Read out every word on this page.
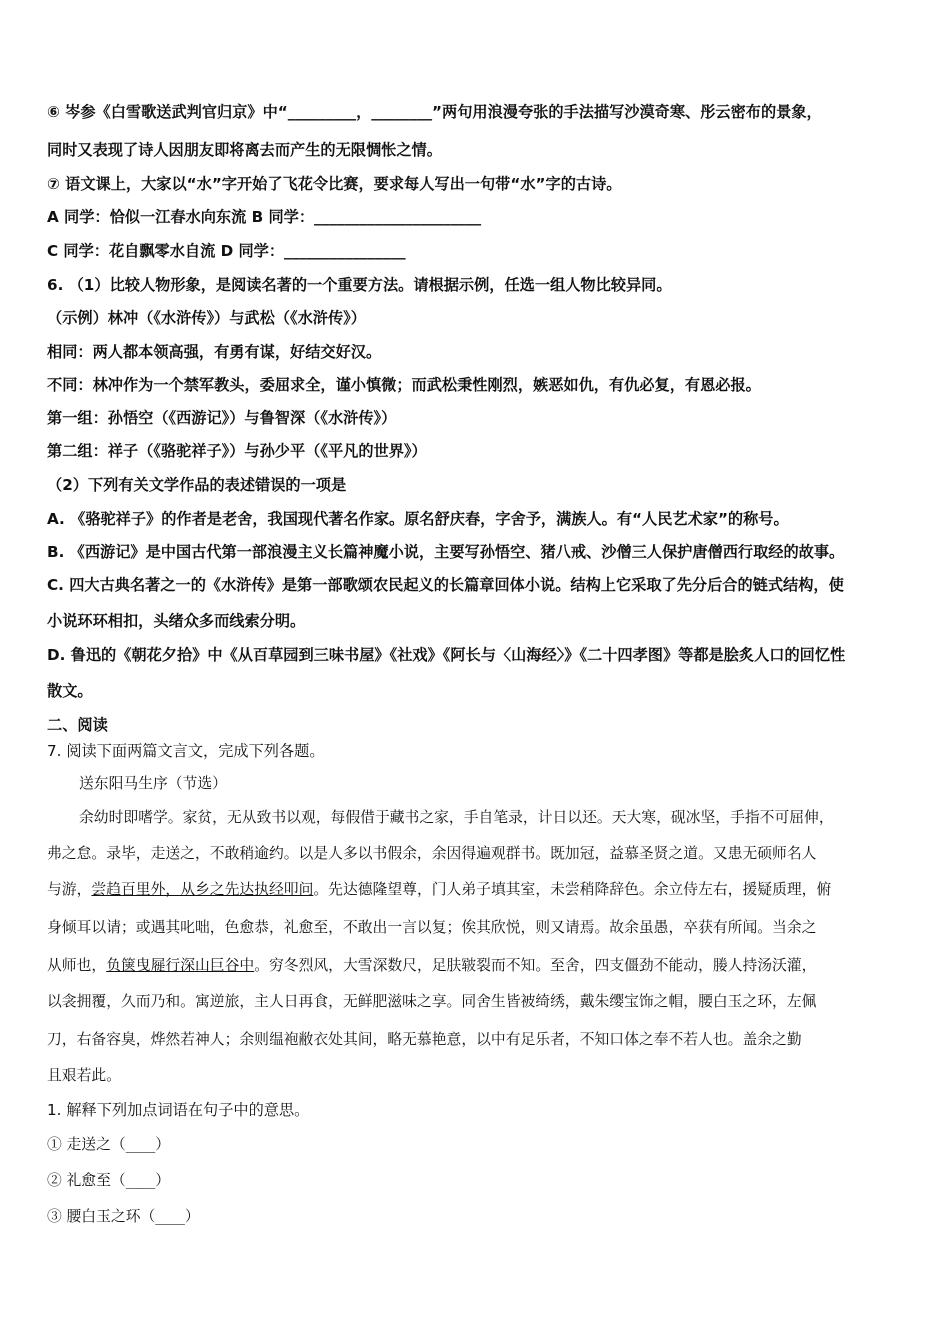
⑥ 岑参《白雪歌送武判官归京》中“_________，________”两句用浪漫夸张的手法描写沙漠奇寒、彤云密布的景象，
同时又表现了诗人因朋友即将离去而产生的无限惆怅之情。
⑦ 语文课上，大家以“水”字开始了飞花令比赛，要求每人写出一句带“水”字的古诗。
A 同学：恰似一江春水向东流 B 同学：______________________
C 同学：花自飘零水自流 D 同学：________________
6. （1）比较人物形象，是阅读名著的一个重要方法。请根据示例，任选一组人物比较异同。
（示例）林冲（《水浒传》）与武松（《水浒传》）
相同：两人都本领高强，有勇有谋，好结交好汉。
不同：林冲作为一个禁军教头，委屈求全，谨小慎微；而武松秉性刚烈，嫉恶如仇，有仇必复，有恩必报。
第一组：孙悟空（《西游记》）与鲁智深（《水浒传》）
第二组：祥子（《骆驼祥子》）与孙少平（《平凡的世界》）
（2）下列有关文学作品的表述错误的一项是
A. 《骆驼祥子》的作者是老舍，我国现代著名作家。原名舒庆春，字舍予，满族人。有“人民艺术家”的称号。
B. 《西游记》是中国古代第一部浪漫主义长篇神魔小说，主要写孙悟空、猪八戒、沙僧三人保护唐僧西行取经的故事。
C. 四大古典名著之一的《水浒传》是第一部歌颂农民起义的长篇章回体小说。结构上它采取了先分后合的链式结构，使
小说环环相扣，头绪众多而线索分明。
D. 鲁迅的《朝花夕拾》中《从百草园到三味书屋》《社戏》《阿长与〈山海经〉》《二十四孝图》等都是脍炙人口的回忆性
散文。
二、阅读
7. 阅读下面两篇文言文，完成下列各题。
送东阳马生序（节选）
余幼时即嗜学。家贫，无从致书以观，每假借于藏书之家，手自笔录，计日以还。天大寒，砚冰坚，手指不可屈伸，
弗之怠。录毕，走送之，不敢稍逾约。以是人多以书假余，余因得遍观群书。既加冠，益慕圣贤之道。又患无硕师名人
与游，尝趋百里外，从乡之先达执经叩问。先达德隆望尊，门人弟子填其室，未尝稍降辞色。余立侍左右，援疑质理，俯
身倾耳以请；或遇其叱咄，色愈恭，礼愈至，不敢出一言以复；俟其欣悦，则又请焉。故余虽愚，卒获有所闻。当余之
从师也，负箧曳屣行深山巨谷中。穷冬烈风，大雪深数尺，足肤皲裂而不知。至舍，四支僵劲不能动，媵人持汤沃灌，
以衾拥覆，久而乃和。寓逆旅，主人日再食，无鲜肥滋味之享。同舍生皆被绮绣，戴朱缨宝饰之帽，腰白玉之环，左佩
刀，右备容臭，烨然若神人；余则缊袍敝衣处其间，略无慕艳意，以中有足乐者，不知口体之奉不若人也。盖余之勤
且艰若此。
1. 解释下列加点词语在句子中的意思。
① 走送之（____）
② 礼愈至（____）
③ 腰白玉之环（____）
